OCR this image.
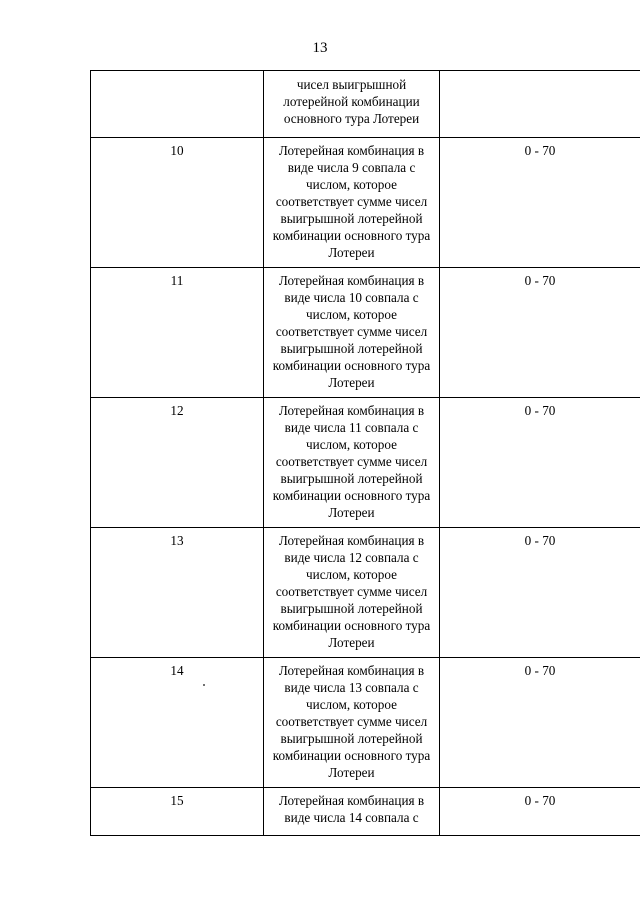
13
	чисел выигрышной лотерейной комбинации основного тура Лотереи	
10	Лотерейная комбинация в виде числа 9 совпала с числом, которое соответствует сумме чисел выигрышной лотерейной комбинации основного тура Лотереи	0 - 70
11	Лотерейная комбинация в виде числа 10 совпала с числом, которое соответствует сумме чисел выигрышной лотерейной комбинации основного тура Лотереи	0 - 70
12	Лотерейная комбинация в виде числа 11 совпала с числом, которое соответствует сумме чисел выигрышной лотерейной комбинации основного тура Лотереи	0 - 70
13	Лотерейная комбинация в виде числа 12 совпала с числом, которое соответствует сумме чисел выигрышной лотерейной комбинации основного тура Лотереи	0 - 70
14	Лотерейная комбинация в виде числа 13 совпала с числом, которое соответствует сумме чисел выигрышной лотерейной комбинации основного тура Лотереи	0 - 70
15	Лотерейная комбинация в виде числа 14 совпала с	0 - 70
